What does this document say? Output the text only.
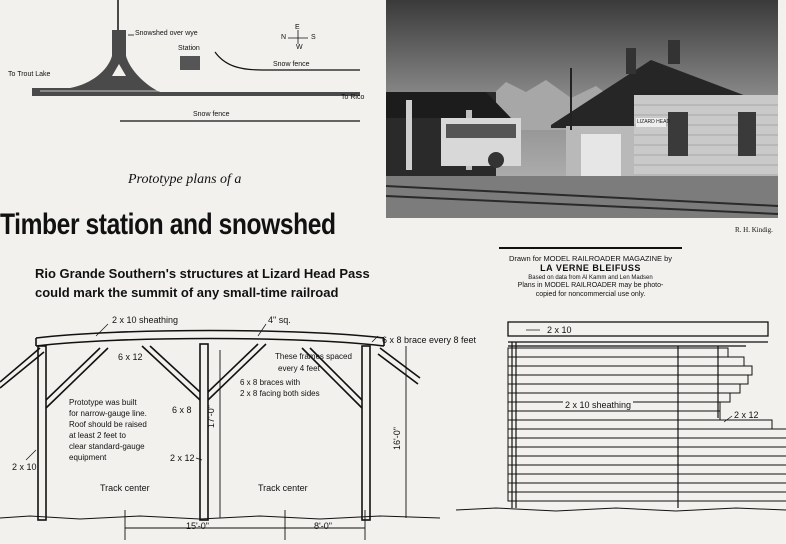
Snowshed over wye
Station
To Trout Lake
To Rico
Snow fence
Snow fence
E
N	S
W
Prototype plans of a
Timber station and snowshed
Rio Grande Southern's structures at Lizard Head Pass
could mark the summit of any small-time railroad
LIZARD HEAD
R. H. Kindig.
Drawn for MODEL RAILROADER MAGAZINE by
LA VERNE BLEIFUSS
Based on data from Al Kamm and Len Madsen
Plans in MODEL RAILROADER may be photo-
copied for noncommercial use only.
2 x 10 sheathing	4" sq.
6 x 8 brace every 8 feet
6 x 12	These frames spaced
every 4 feet
6 x 8 braces with
2 x 8 facing both sides
6 x 8
Prototype was built
for narrow-gauge line.
Roof should be raised
at least 2 feet to
clear standard-gauge
equipment
2 x 10
2 x 12
17'-0"
16'-0"
Track center	Track center
15'-0"	8'-0"
2 x 10
2 x 10 sheathing
2 x 12
